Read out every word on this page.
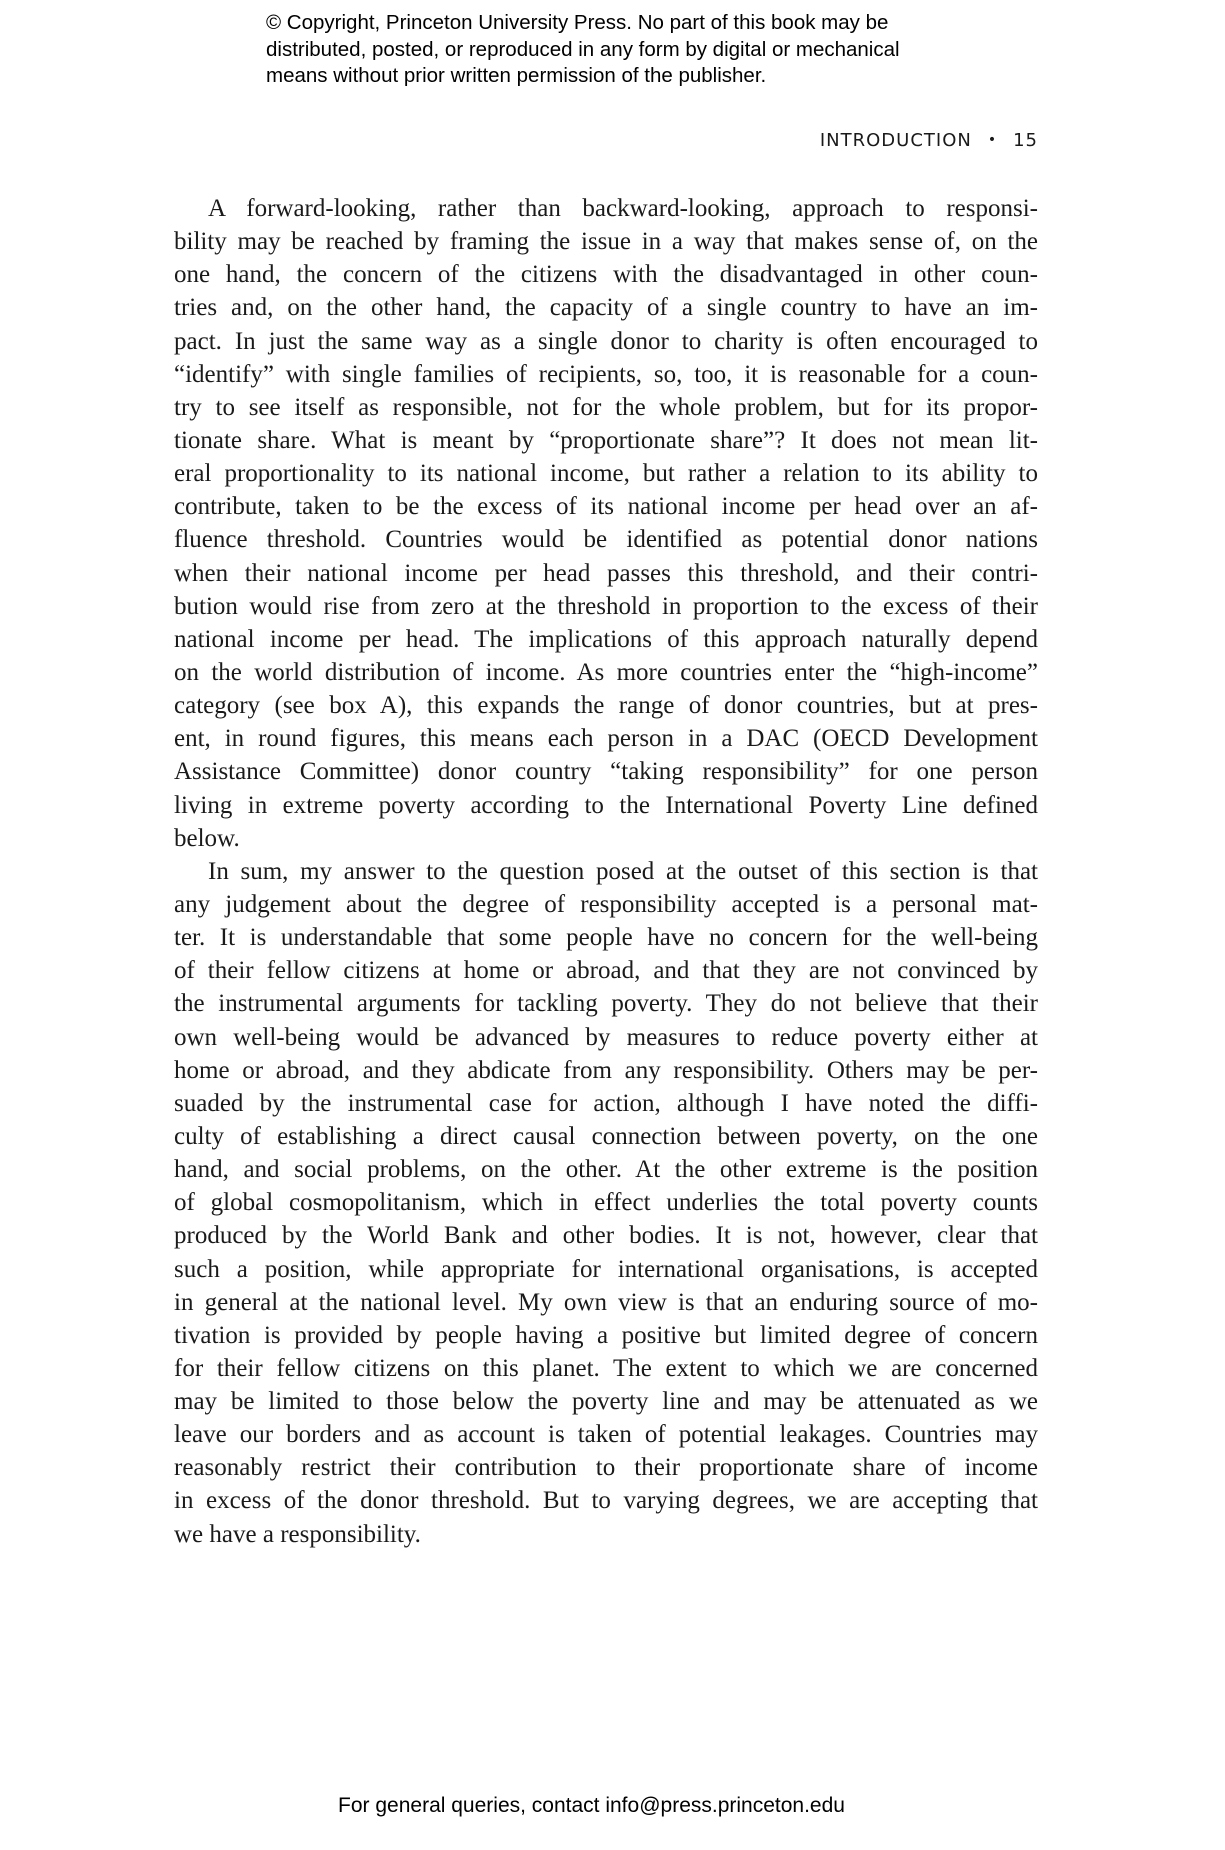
© Copyright, Princeton University Press. No part of this book may be
distributed, posted, or reproduced in any form by digital or mechanical
means without prior written permission of the publisher.
INTRODUCTION • 15
A forward-looking, rather than backward-looking, approach to responsi-
bility may be reached by framing the issue in a way that makes sense of, on the
one hand, the concern of the citizens with the disadvantaged in other coun-
tries and, on the other hand, the capacity of a single country to have an im-
pact. In just the same way as a single donor to charity is often encouraged to
“identify” with single families of recipients, so, too, it is reasonable for a coun-
try to see itself as responsible, not for the whole problem, but for its propor-
tionate share. What is meant by “proportionate share”? It does not mean lit-
eral proportionality to its national income, but rather a relation to its ability to
contribute, taken to be the excess of its national income per head over an af-
fluence threshold. Countries would be identified as potential donor nations
when their national income per head passes this threshold, and their contri-
bution would rise from zero at the threshold in proportion to the excess of their
national income per head. The implications of this approach naturally depend
on the world distribution of income. As more countries enter the “high-income”
category (see box A), this expands the range of donor countries, but at pres-
ent, in round figures, this means each person in a DAC (OECD Development
Assistance Committee) donor country “taking responsibility” for one person
living in extreme poverty according to the International Poverty Line defined
below.
In sum, my answer to the question posed at the outset of this section is that
any judgement about the degree of responsibility accepted is a personal mat-
ter. It is understandable that some people have no concern for the well-being
of their fellow citizens at home or abroad, and that they are not convinced by
the instrumental arguments for tackling poverty. They do not believe that their
own well-being would be advanced by measures to reduce poverty either at
home or abroad, and they abdicate from any responsibility. Others may be per-
suaded by the instrumental case for action, although I have noted the diffi-
culty of establishing a direct causal connection between poverty, on the one
hand, and social problems, on the other. At the other extreme is the position
of global cosmopolitanism, which in effect underlies the total poverty counts
produced by the World Bank and other bodies. It is not, however, clear that
such a position, while appropriate for international organisations, is accepted
in general at the national level. My own view is that an enduring source of mo-
tivation is provided by people having a positive but limited degree of concern
for their fellow citizens on this planet. The extent to which we are concerned
may be limited to those below the poverty line and may be attenuated as we
leave our borders and as account is taken of potential leakages. Countries may
reasonably restrict their contribution to their proportionate share of income
in excess of the donor threshold. But to varying degrees, we are accepting that
we have a responsibility.
For general queries, contact info@press.princeton.edu
